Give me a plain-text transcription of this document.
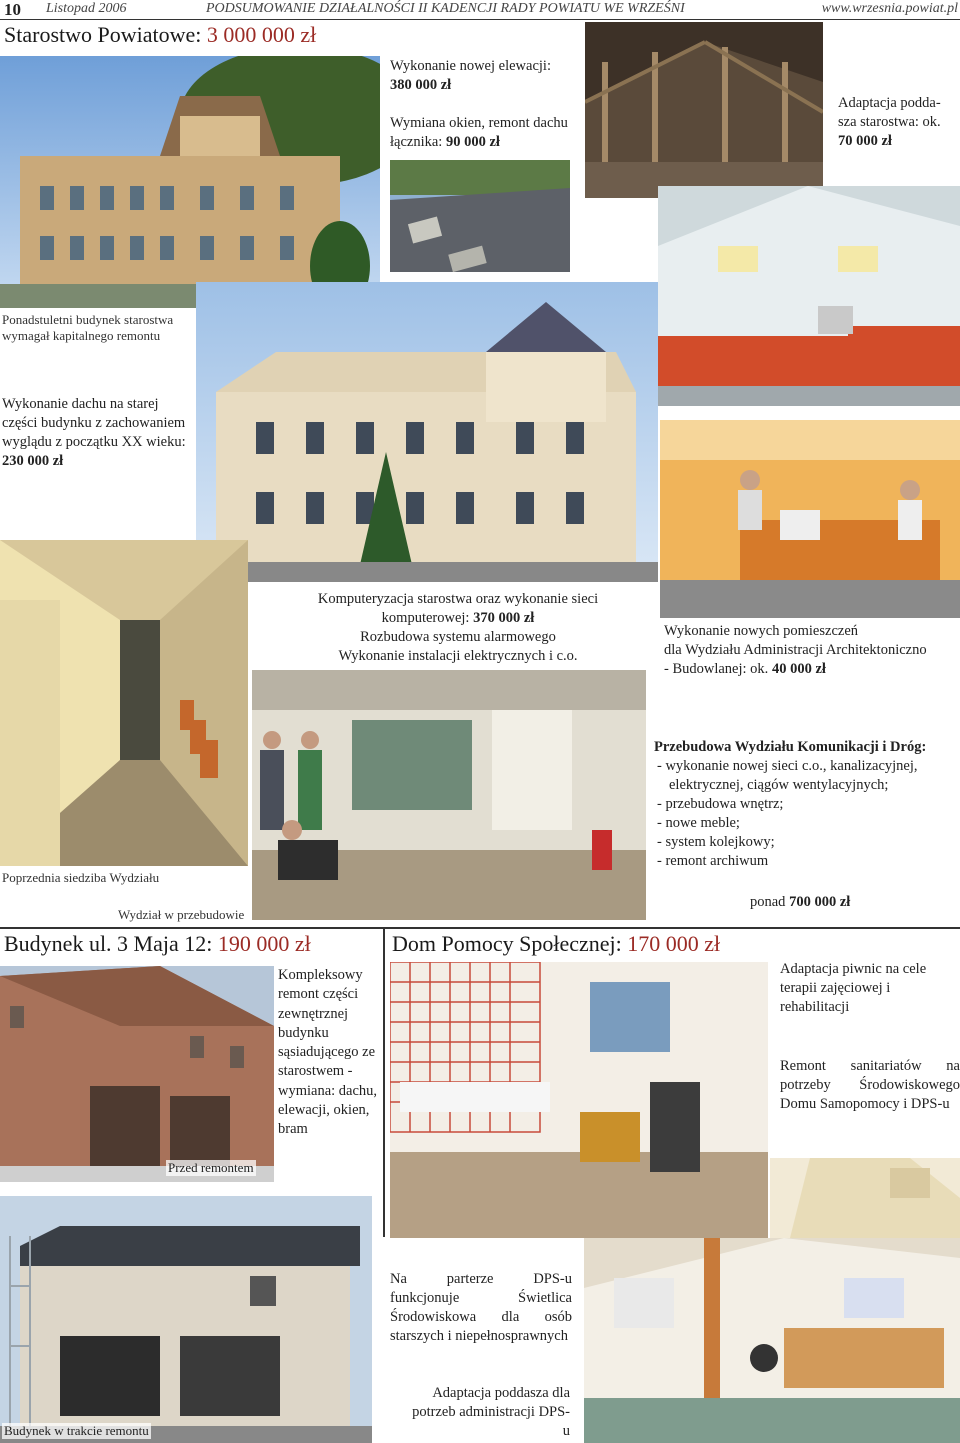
10 Listopad 2006	PODSUMOWANIE DZIAŁALNOŚCI II KADENCJI RADY POWIATU WE WRZEŚNI	www.wrzesnia.powiat.pl
Starostwo Powiatowe: 3 000 000 zł
Wykonanie nowej elewacji:
380 000 zł
Wymiana okien, remont dachu łącznika: 90 000 zł
Adaptacja podda-sza starostwa: ok. 70 000 zł
Ponadstuletni budynek starostwa wymagał kapitalnego remontu
Wykonanie dachu na starej części budynku z zachowaniem wyglądu z początku XX wieku: 230 000 zł
Komputeryzacja starostwa oraz wykonanie sieci
komputerowej: 370 000 zł
Rozbudowa systemu alarmowego
Wykonanie instalacji elektrycznych i c.o.
Wykonanie nowych pomieszczeń
dla Wydziału Administracji Architektoniczno
- Budowlanej: ok. 40 000 zł
Przebudowa Wydziału Komunikacji i Dróg:
- wykonanie nowej sieci c.o., kanalizacyjnej,
elektrycznej, ciągów wentylacyjnych;
- przebudowa wnętrz;
- nowe meble;
- system kolejkowy;
- remont archiwum
ponad 700 000 zł
Poprzednia siedziba Wydziału
Wydział w przebudowie
Budynek ul. 3 Maja 12: 190 000 zł
Przed remontem
Kompleksowy remont części zewnętrznej budynku sąsiadującego ze starostwem - wymiana: dachu, elewacji, okien, bram
Budynek w trakcie remontu
Dom Pomocy Społecznej: 170 000 zł
Adaptacja piwnic na cele terapii zajęciowej i rehabilitacji
Remont sanitariatów na potrzeby Środowiskowego Domu Samopomocy i DPS-u
Na parterze DPS-u funkcjonuje Świetlica Środowiskowa dla osób starszych i niepełnosprawnych
Adaptacja poddasza dla potrzeb administracji DPS-u
